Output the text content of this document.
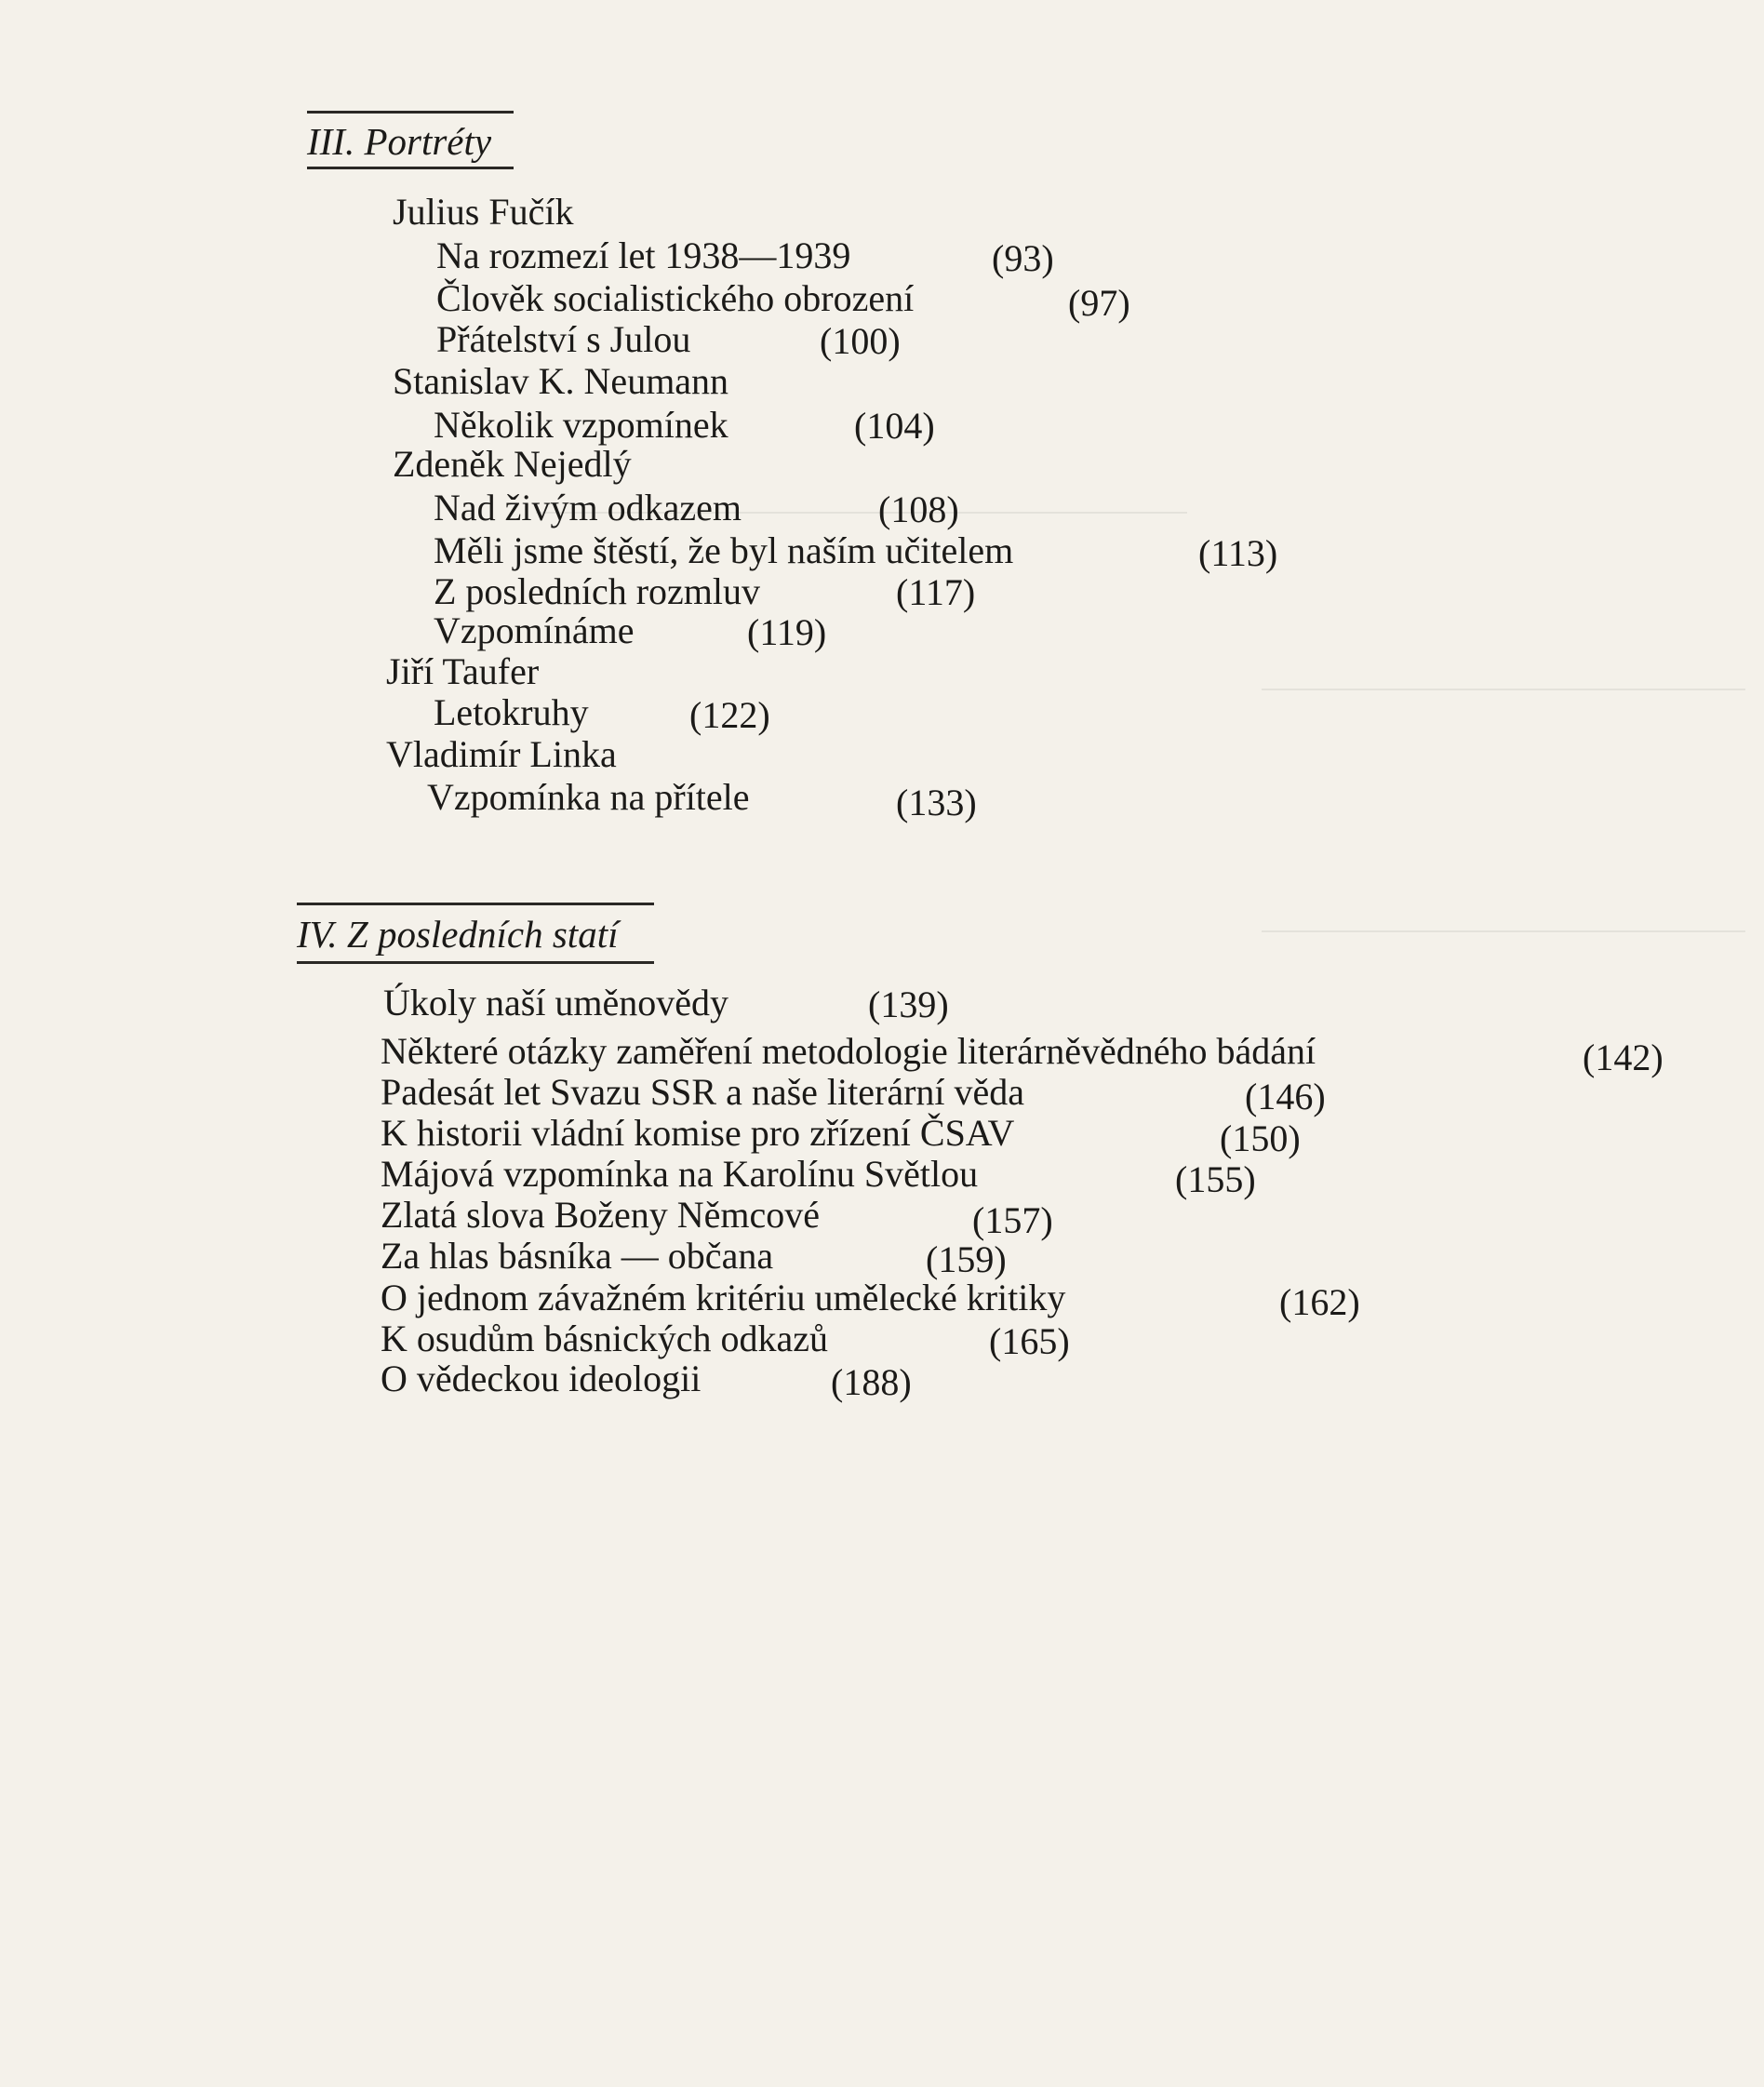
III. Portréty
Julius Fučík
Na rozmezí let 1938—1939	(93)
Člověk socialistického obrození	(97)
Přátelství s Julou	(100)
Stanislav K. Neumann
Několik vzpomínek	(104)
Zdeněk Nejedlý
Nad živým odkazem	(108)
Měli jsme štěstí, že byl naším učitelem	(113)
Z posledních rozmluv	(117)
Vzpomínáme	(119)
Jiří Taufer
Letokruhy	(122)
Vladimír Linka
Vzpomínka na přítele	(133)
IV. Z posledních statí
Úkoly naší uměnovědy	(139)
Některé otázky zaměření metodologie literárněvědného bádání	(142)
Padesát let Svazu SSR a naše literární věda	(146)
K historii vládní komise pro zřízení ČSAV	(150)
Májová vzpomínka na Karolínu Světlou	(155)
Zlatá slova Boženy Němcové	(157)
Za hlas básníka — občana	(159)
O jednom závažném kritériu umělecké kritiky	(162)
K osudům básnických odkazů	(165)
O vědeckou ideologii	(188)
